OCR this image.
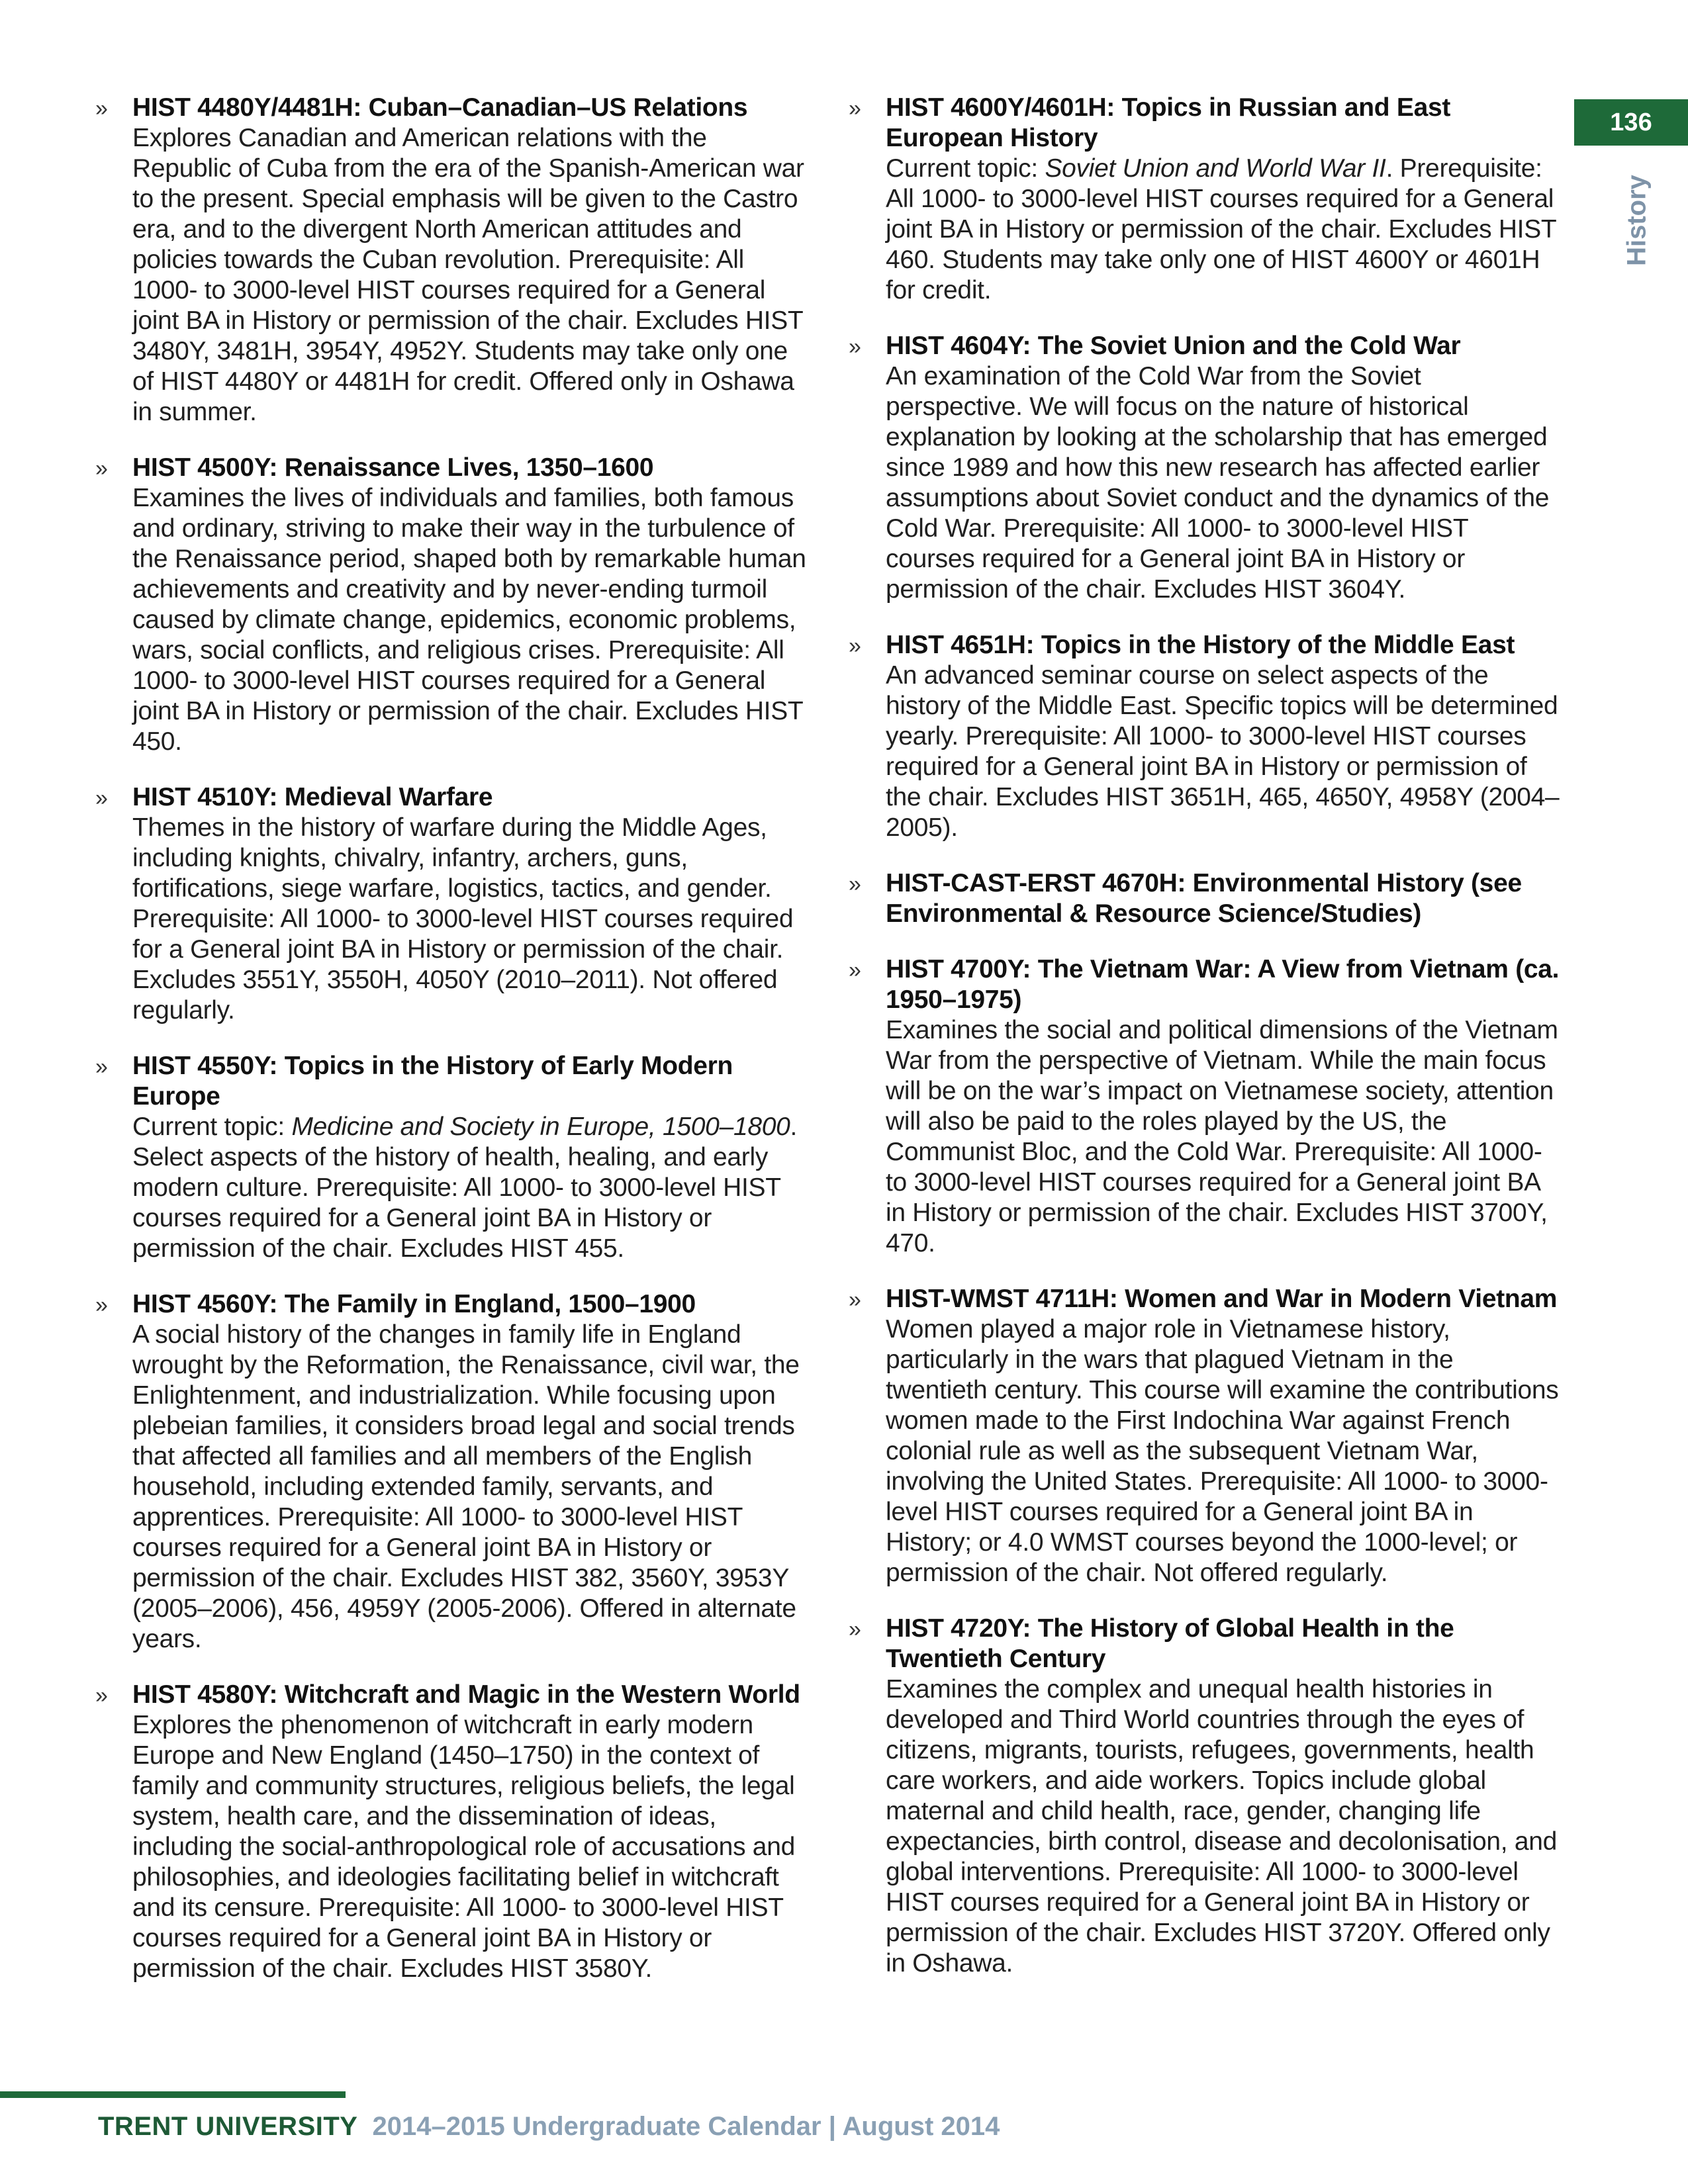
136
History
» HIST 4480Y/4481H: Cuban–Canadian–US Relations
Explores Canadian and American relations with the Republic of Cuba from the era of the Spanish-American war to the present. Special emphasis will be given to the Castro era, and to the divergent North American attitudes and policies towards the Cuban revolution. Prerequisite: All 1000- to 3000-level HIST courses required for a General joint BA in History or permission of the chair. Excludes HIST 3480Y, 3481H, 3954Y, 4952Y. Students may take only one of HIST 4480Y or 4481H for credit. Offered only in Oshawa in summer.
» HIST 4500Y: Renaissance Lives, 1350–1600
Examines the lives of individuals and families, both famous and ordinary, striving to make their way in the turbulence of the Renaissance period, shaped both by remarkable human achievements and creativity and by never-ending turmoil caused by climate change, epidemics, economic problems, wars, social conflicts, and religious crises. Prerequisite: All 1000- to 3000-level HIST courses required for a General joint BA in History or permission of the chair. Excludes HIST 450.
» HIST 4510Y: Medieval Warfare
Themes in the history of warfare during the Middle Ages, including knights, chivalry, infantry, archers, guns, fortifications, siege warfare, logistics, tactics, and gender. Prerequisite: All 1000- to 3000-level HIST courses required for a General joint BA in History or permission of the chair. Excludes 3551Y, 3550H, 4050Y (2010–2011). Not offered regularly.
» HIST 4550Y: Topics in the History of Early Modern Europe
Current topic: Medicine and Society in Europe, 1500–1800. Select aspects of the history of health, healing, and early modern culture. Prerequisite: All 1000- to 3000-level HIST courses required for a General joint BA in History or permission of the chair. Excludes HIST 455.
» HIST 4560Y: The Family in England, 1500–1900
A social history of the changes in family life in England wrought by the Reformation, the Renaissance, civil war, the Enlightenment, and industrialization. While focusing upon plebeian families, it considers broad legal and social trends that affected all families and all members of the English household, including extended family, servants, and apprentices. Prerequisite: All 1000- to 3000-level HIST courses required for a General joint BA in History or permission of the chair. Excludes HIST 382, 3560Y, 3953Y (2005–2006), 456, 4959Y (2005-2006). Offered in alternate years.
» HIST 4580Y: Witchcraft and Magic in the Western World
Explores the phenomenon of witchcraft in early modern Europe and New England (1450–1750) in the context of family and community structures, religious beliefs, the legal system, health care, and the dissemination of ideas, including the social-anthropological role of accusations and philosophies, and ideologies facilitating belief in witchcraft and its censure. Prerequisite: All 1000- to 3000-level HIST courses required for a General joint BA in History or permission of the chair. Excludes HIST 3580Y.
» HIST 4600Y/4601H: Topics in Russian and East European History
Current topic: Soviet Union and World War II. Prerequisite: All 1000- to 3000-level HIST courses required for a General joint BA in History or permission of the chair. Excludes HIST 460. Students may take only one of HIST 4600Y or 4601H for credit.
» HIST 4604Y: The Soviet Union and the Cold War
An examination of the Cold War from the Soviet perspective. We will focus on the nature of historical explanation by looking at the scholarship that has emerged since 1989 and how this new research has affected earlier assumptions about Soviet conduct and the dynamics of the Cold War. Prerequisite: All 1000- to 3000-level HIST courses required for a General joint BA in History or permission of the chair. Excludes HIST 3604Y.
» HIST 4651H: Topics in the History of the Middle East
An advanced seminar course on select aspects of the history of the Middle East. Specific topics will be determined yearly. Prerequisite: All 1000- to 3000-level HIST courses required for a General joint BA in History or permission of the chair. Excludes HIST 3651H, 465, 4650Y, 4958Y (2004–2005).
» HIST-CAST-ERST 4670H: Environmental History (see Environmental & Resource Science/Studies)
» HIST 4700Y: The Vietnam War: A View from Vietnam (ca. 1950–1975)
Examines the social and political dimensions of the Vietnam War from the perspective of Vietnam. While the main focus will be on the war’s impact on Vietnamese society, attention will also be paid to the roles played by the US, the Communist Bloc, and the Cold War. Prerequisite: All 1000- to 3000-level HIST courses required for a General joint BA in History or permission of the chair. Excludes HIST 3700Y, 470.
» HIST-WMST 4711H: Women and War in Modern Vietnam
Women played a major role in Vietnamese history, particularly in the wars that plagued Vietnam in the twentieth century. This course will examine the contributions women made to the First Indochina War against French colonial rule as well as the subsequent Vietnam War, involving the United States. Prerequisite: All 1000- to 3000-level HIST courses required for a General joint BA in History; or 4.0 WMST courses beyond the 1000-level; or permission of the chair. Not offered regularly.
» HIST 4720Y: The History of Global Health in the Twentieth Century
Examines the complex and unequal health histories in developed and Third World countries through the eyes of citizens, migrants, tourists, refugees, governments, health care workers, and aide workers. Topics include global maternal and child health, race, gender, changing life expectancies, birth control, disease and decolonisation, and global interventions. Prerequisite: All 1000- to 3000-level HIST courses required for a General joint BA in History or permission of the chair. Excludes HIST 3720Y. Offered only in Oshawa.
TRENT UNIVERSITY 2014–2015 Undergraduate Calendar | August 2014
